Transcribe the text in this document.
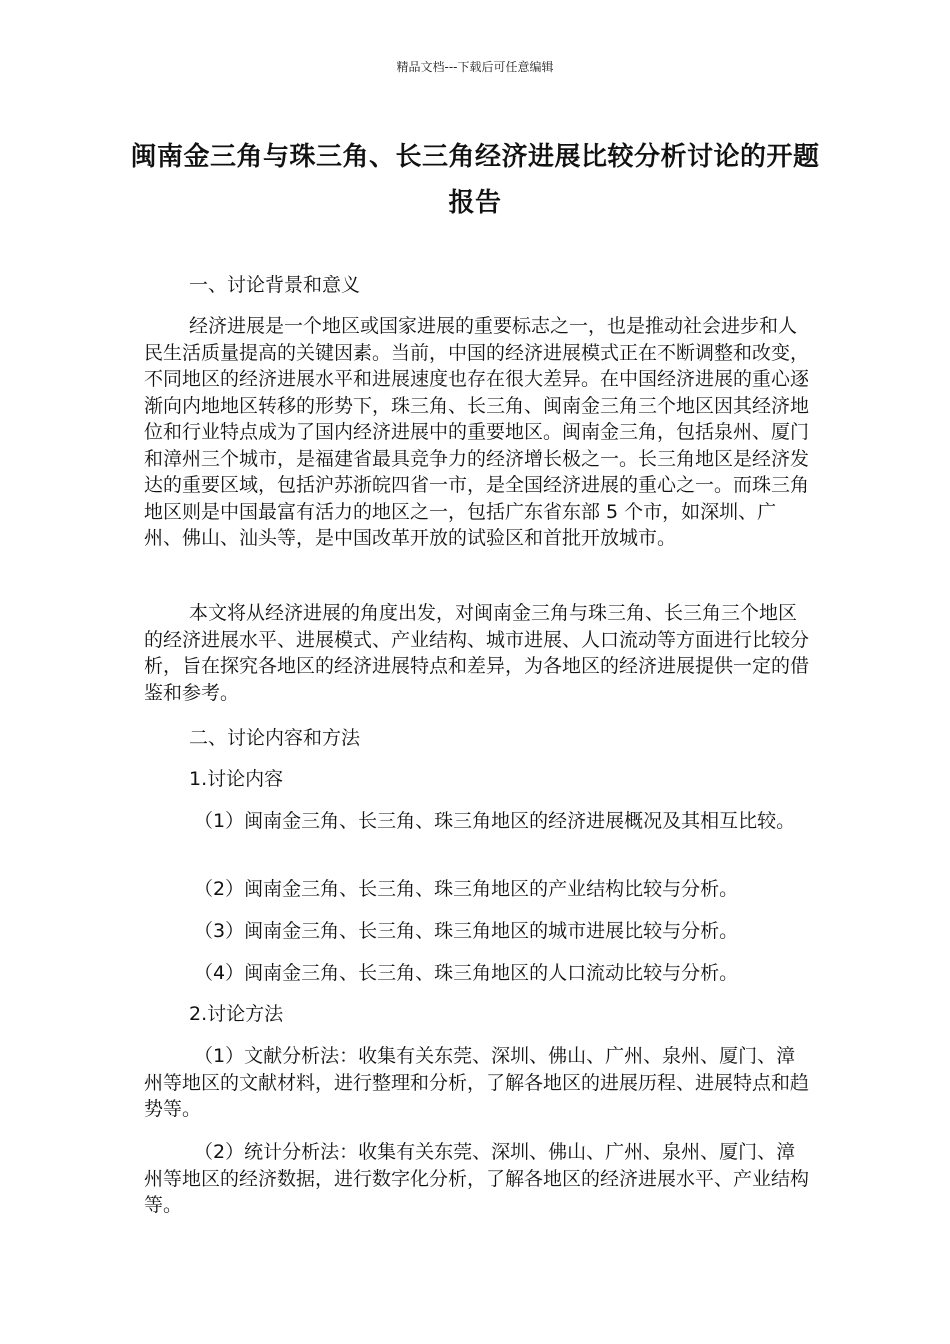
精品文档---下载后可任意编辑
闽南金三角与珠三角、长三角经济进展比较分析讨论的开题报告
一、讨论背景和意义
经济进展是一个地区或国家进展的重要标志之一，也是推动社会进步和人民生活质量提高的关键因素。当前，中国的经济进展模式正在不断调整和改变，不同地区的经济进展水平和进展速度也存在很大差异。在中国经济进展的重心逐渐向内地地区转移的形势下，珠三角、长三角、闽南金三角三个地区因其经济地位和行业特点成为了国内经济进展中的重要地区。闽南金三角，包括泉州、厦门和漳州三个城市，是福建省最具竞争力的经济增长极之一。长三角地区是经济发达的重要区域，包括沪苏浙皖四省一市，是全国经济进展的重心之一。而珠三角地区则是中国最富有活力的地区之一，包括广东省东部 5 个市，如深圳、广州、佛山、汕头等，是中国改革开放的试验区和首批开放城市。
本文将从经济进展的角度出发，对闽南金三角与珠三角、长三角三个地区的经济进展水平、进展模式、产业结构、城市进展、人口流动等方面进行比较分析，旨在探究各地区的经济进展特点和差异，为各地区的经济进展提供一定的借鉴和参考。
二、讨论内容和方法
1.讨论内容
（1）闽南金三角、长三角、珠三角地区的经济进展概况及其相互比较。
（2）闽南金三角、长三角、珠三角地区的产业结构比较与分析。
（3）闽南金三角、长三角、珠三角地区的城市进展比较与分析。
（4）闽南金三角、长三角、珠三角地区的人口流动比较与分析。
2.讨论方法
（1）文献分析法：收集有关东莞、深圳、佛山、广州、泉州、厦门、漳州等地区的文献材料，进行整理和分析，了解各地区的进展历程、进展特点和趋势等。
（2）统计分析法：收集有关东莞、深圳、佛山、广州、泉州、厦门、漳州等地区的经济数据，进行数字化分析，了解各地区的经济进展水平、产业结构等。
